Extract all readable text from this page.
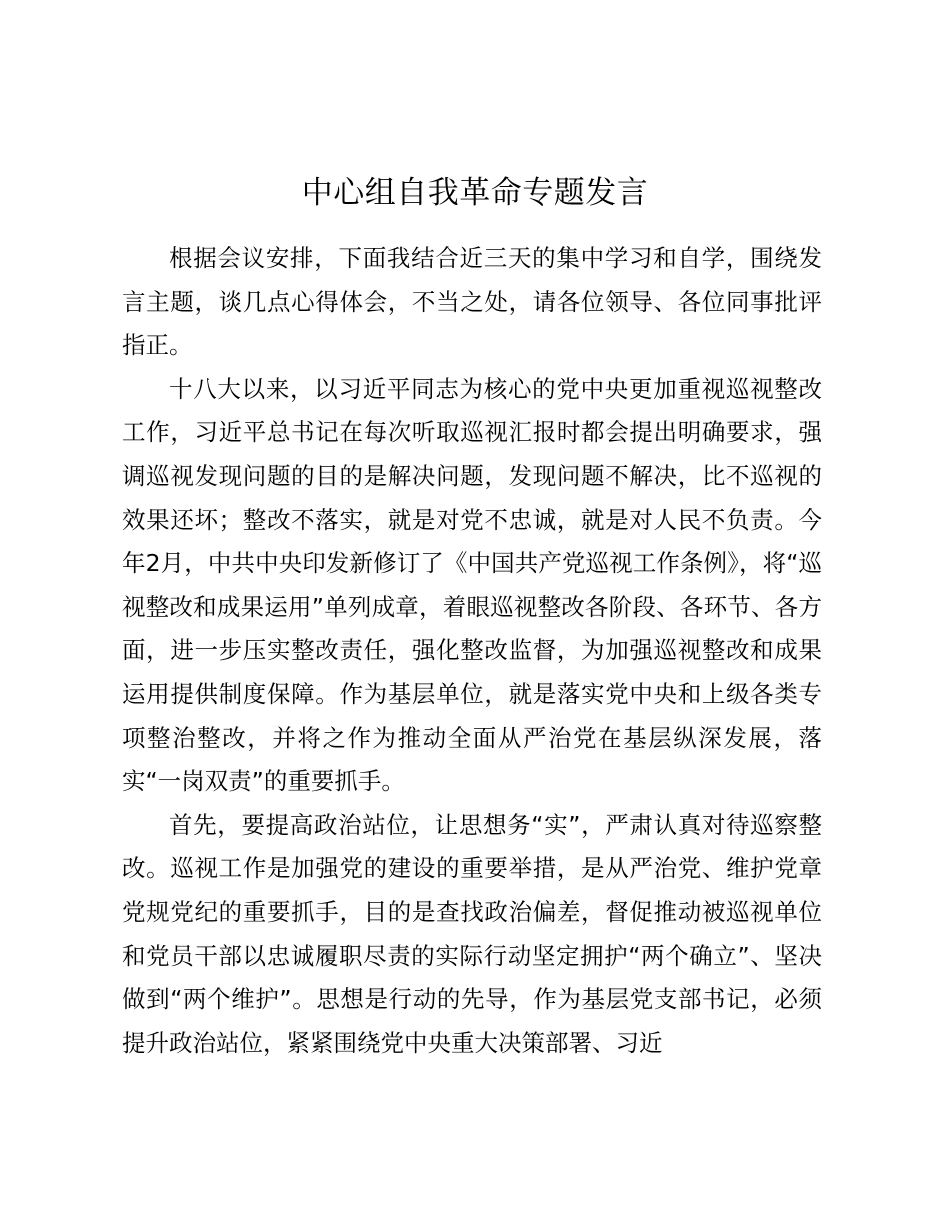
中心组自我革命专题发言

根据会议安排，下面我结合近三天的集中学习和自学，围绕发言主题，谈几点心得体会，不当之处，请各位领导、各位同事批评指正。

十八大以来，以习近平同志为核心的党中央更加重视巡视整改工作，习近平总书记在每次听取巡视汇报时都会提出明确要求，强调巡视发现问题的目的是解决问题，发现问题不解决，比不巡视的效果还坏；整改不落实，就是对党不忠诚，就是对人民不负责。今年2月，中共中央印发新修订了《中国共产党巡视工作条例》，将“巡视整改和成果运用”单列成章，着眼巡视整改各阶段、各环节、各方面，进一步压实整改责任，强化整改监督，为加强巡视整改和成果运用提供制度保障。作为基层单位，就是落实党中央和上级各类专项整治整改，并将之作为推动全面从严治党在基层纵深发展，落实“一岗双责”的重要抓手。

首先，要提高政治站位，让思想务“实”，严肃认真对待巡察整改。巡视工作是加强党的建设的重要举措，是从严治党、维护党章党规党纪的重要抓手，目的是查找政治偏差，督促推动被巡视单位和党员干部以忠诚履职尽责的实际行动坚定拥护“两个确立”、坚决做到“两个维护”。思想是行动的先导，作为基层党支部书记，必须提升政治站位，紧紧围绕党中央重大决策部署、习近
